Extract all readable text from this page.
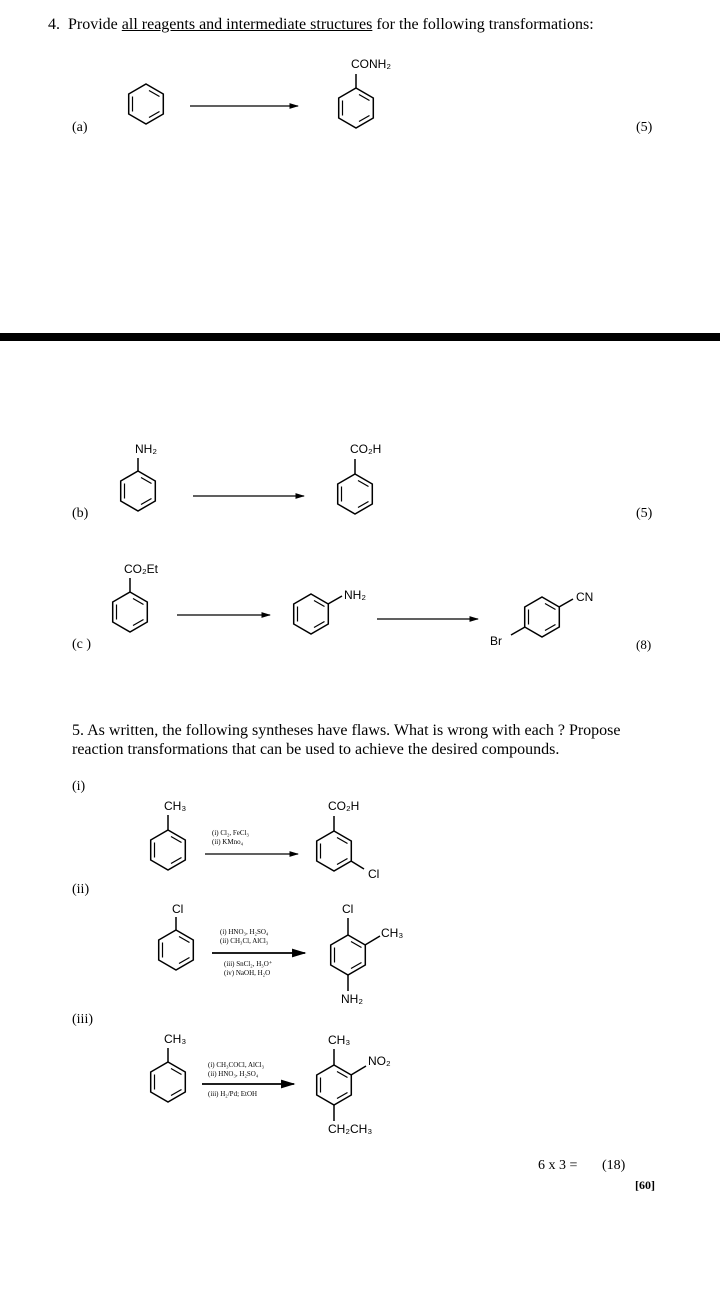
4. Provide all reagents and intermediate structures for the following transformations:
(a)	(5)
CONH₂
(b)	(5)
NH₂	CO₂H
(c )	(8)
CO₂Et
NH₂	CN
Br
5. As written, the following syntheses have flaws. What is wrong with each ? Propose
reaction transformations that can be used to achieve the desired compounds.
(i)
CH₃
(i) Cl₂, FeCl₃
(ii) KMno₄
CO₂H
Cl
(ii)
Cl
(i) HNO₃, H₂SO₄
(ii) CH₃Cl, AlCl₃
(iii) SnCl₂, H₃O⁺
(iv) NaOH, H₂O
Cl
CH₃
NH₂
(iii)
CH₃
(i) CH₃COCl, AlCl₃
(ii) HNO₃, H₂SO₄
(iii) H₂/Pd; EtOH
CH₃
NO₂
CH₂CH₃
6 x 3 = (18)
[60]
